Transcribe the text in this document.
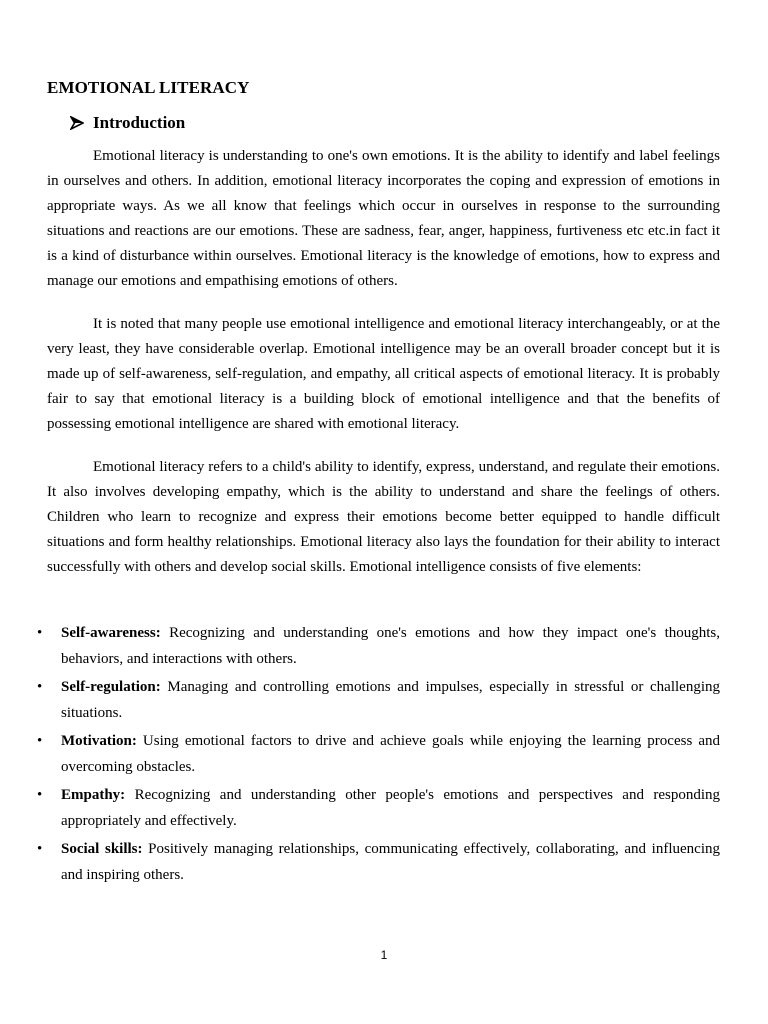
EMOTIONAL LITERACY
Introduction

Emotional literacy is understanding to one's own emotions. It is the ability to identify and label feelings in ourselves and others. In addition, emotional literacy incorporates the coping and expression of emotions in appropriate ways. As we all know that feelings which occur in ourselves in response to the surrounding situations and reactions are our emotions. These are sadness, fear, anger, happiness, furtiveness etc etc.in fact it is a kind of disturbance within ourselves. Emotional literacy is the knowledge of emotions, how to express and manage our emotions and empathising emotions of others.

It is noted that many people use emotional intelligence and emotional literacy interchangeably, or at the very least, they have considerable overlap. Emotional intelligence may be an overall broader concept but it is made up of self-awareness, self-regulation, and empathy, all critical aspects of emotional literacy. It is probably fair to say that emotional literacy is a building block of emotional intelligence and that the benefits of possessing emotional intelligence are shared with emotional literacy.

Emotional literacy refers to a child's ability to identify, express, understand, and regulate their emotions. It also involves developing empathy, which is the ability to understand and share the feelings of others. Children who learn to recognize and express their emotions become better equipped to handle difficult situations and form healthy relationships. Emotional literacy also lays the foundation for their ability to interact successfully with others and develop social skills. Emotional intelligence consists of five elements:

• Self-awareness: Recognizing and understanding one's emotions and how they impact one's thoughts, behaviors, and interactions with others.
• Self-regulation: Managing and controlling emotions and impulses, especially in stressful or challenging situations.
• Motivation: Using emotional factors to drive and achieve goals while enjoying the learning process and overcoming obstacles.
• Empathy: Recognizing and understanding other people's emotions and perspectives and responding appropriately and effectively.
• Social skills: Positively managing relationships, communicating effectively, collaborating, and influencing and inspiring others.
1
